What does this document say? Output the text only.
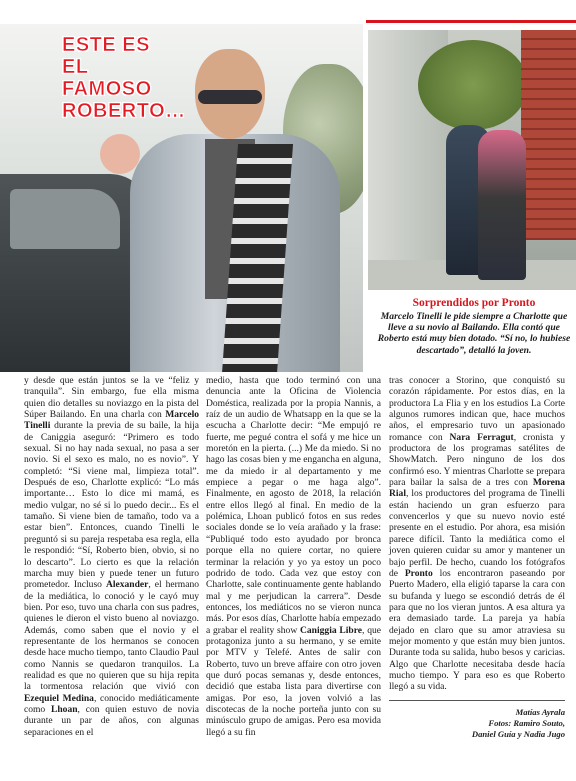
ESTE ES EL
FAMOSO
ROBERTO…
Sorprendidos por Pronto
Marcelo Tinelli le pide siempre a Charlotte que lleve a su novio al Bailando. Ella contó que Roberto está muy bien dotado. “Sí no, lo hubiese descartado”, detalló la joven.
y desde que están juntos se la ve “feliz y tranquila”. Sin embargo, fue ella misma quien dio detalles su noviazgo en la pista del Súper Bailando. En una charla con Marcelo Tinelli durante la previa de su baile, la hija de Caniggia aseguró: “Primero es todo sexual. Si no hay nada sexual, no pasa a ser novio. Si el sexo es malo, no es novio”. Y completó: “Si viene mal, limpieza total”. Después de eso, Charlotte explicó: “Lo más importante… Esto lo dice mi mamá, es medio vulgar, no sé si lo puedo decir... Es el tamaño. Si viene bien de tamaño, todo va a estar bien”. Entonces, cuando Tinelli le preguntó si su pareja respetaba esa regla, ella le respondió: “Sí, Roberto bien, obvio, si no lo descarto”. Lo cierto es que la relación marcha muy bien y puede tener un futuro prometedor. Incluso Alexander, el hermano de la mediática, lo conoció y le cayó muy bien. Por eso, tuvo una charla con sus padres, quienes le dieron el visto bueno al noviazgo. Además, como saben que el novio y el representante de los hermanos se conocen desde hace mucho tiempo, tanto Claudio Paul como Nannis se quedaron tranquilos. La realidad es que no quieren que su hija repita la tormentosa relación que vivió con Ezequiel Medina, conocido mediáticamente como Lhoan, con quien estuvo de novia durante un par de años, con algunas separaciones en el
medio, hasta que todo terminó con una denuncia ante la Oficina de Violencia Doméstica, realizada por la propia Nannis, a raíz de un audio de Whatsapp en la que se la escucha a Charlotte decir: “Me empujó re fuerte, me pegué contra el sofá y me hice un moretón en la pierta. (...) Me da miedo. Si no hago las cosas bien y me engancha en alguna, me da miedo ir al departamento y me empiece a pegar o me haga algo”. Finalmente, en agosto de 2018, la relación entre ellos llegó al final. En medio de la polémica, Lhoan publicó fotos en sus redes sociales donde se lo veía arañado y la frase: “Publiqué todo esto ayudado por bronca porque ella no quiere cortar, no quiere terminar la relación y yo ya estoy un poco podrido de todo. Cada vez que estoy con Charlotte, sale continuamente gente hablando mal y me perjudican la carrera”. Desde entonces, los mediáticos no se vieron nunca más. Por esos días, Charlotte había empezado a grabar el reality show Caniggia Libre, que protagoniza junto a su hermano, y se emite por MTV y Telefé. Antes de salir con Roberto, tuvo un breve affaire con otro joven que duró pocas semanas y, desde entonces, decidió que estaba lista para divertirse con amigas. Por eso, la joven volvió a las discotecas de la noche porteña junto con su minúsculo grupo de amigas. Pero esa movida llegó a su fin
tras conocer a Storino, que conquistó su corazón rápidamente. Por estos días, en la productora La Flia y en los estudios La Corte algunos rumores indican que, hace muchos años, el empresario tuvo un apasionado romance con Nara Ferragut, cronista y productora de los programas satélites de ShowMatch. Pero ninguno de los dos confirmó eso. Y mientras Charlotte se prepara para bailar la salsa de a tres con Morena Rial, los productores del programa de Tinelli están haciendo un gran esfuerzo para convencerlos y que su nuevo novio esté presente en el estudio. Por ahora, esa misión parece difícil. Tanto la mediática como el joven quieren cuidar su amor y mantener un bajo perfil. De hecho, cuando los fotógrafos de Pronto los encontraron paseando por Puerto Madero, ella eligió taparse la cara con su bufanda y luego se escondió detrás de él para que no los vieran juntos. A esa altura ya era demasiado tarde. La pareja ya había dejado en claro que su amor atraviesa su mejor momento y que están muy bien juntos. Durante toda su salida, hubo besos y caricias. Algo que Charlotte necesitaba desde hacía mucho tiempo. Y para eso es que Roberto llegó a su vida.
Matías Ayrala
Fotos: Ramiro Souto,
Daniel Guía y Nadia Jugo
